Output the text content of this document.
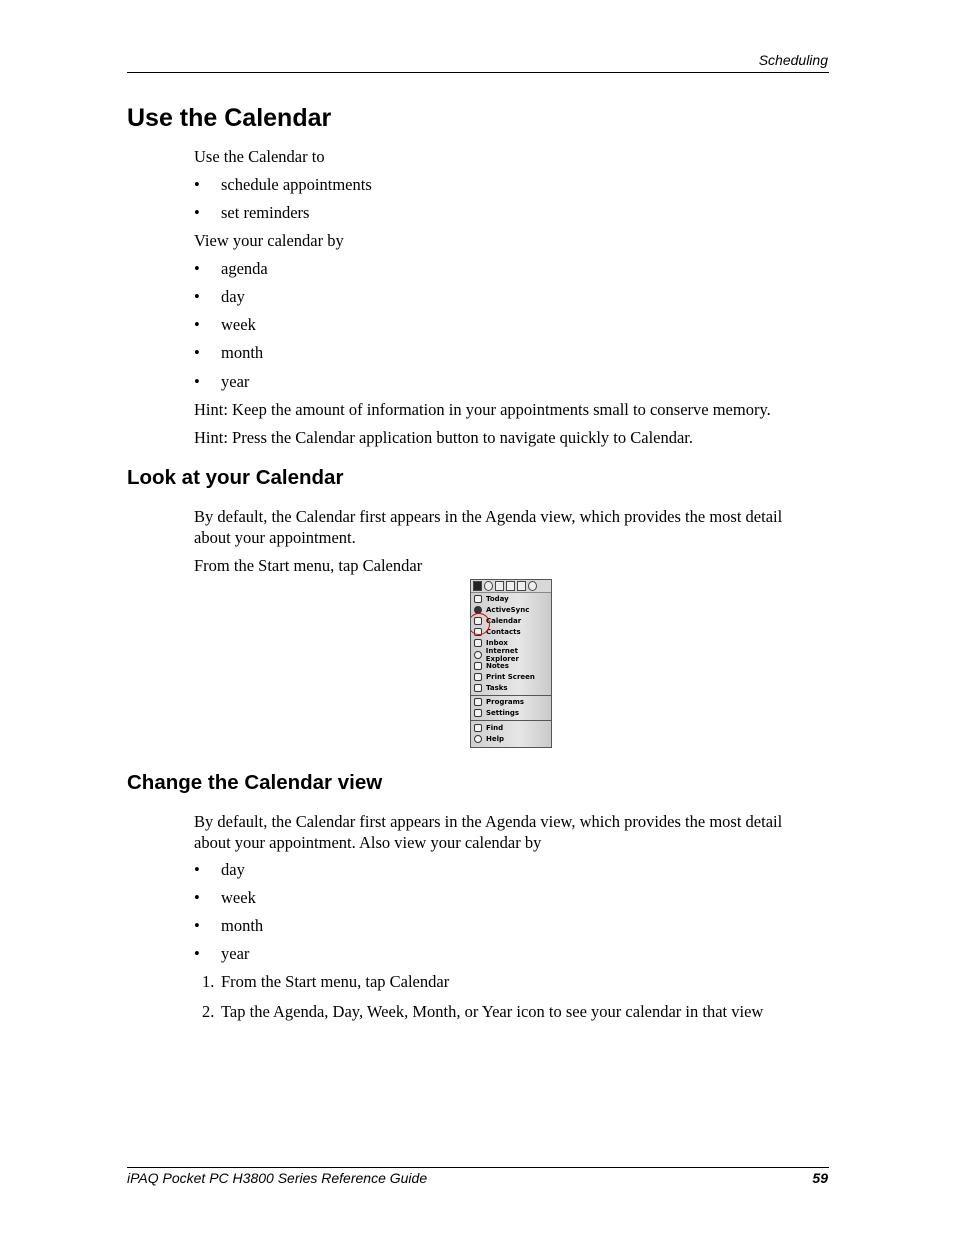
Scheduling
Use the Calendar
Use the Calendar to
• schedule appointments
• set reminders
View your calendar by
• agenda
• day
• week
• month
• year
Hint: Keep the amount of information in your appointments small to conserve memory.
Hint: Press the Calendar application button to navigate quickly to Calendar.
Look at your Calendar
By default, the Calendar first appears in the Agenda view, which provides the most detail about your appointment.
From the Start menu, tap Calendar
Today
ActiveSync
Calendar
Contacts
Inbox
Internet Explorer
Notes
Print Screen
Tasks
Programs
Settings
Find
Help
Change the Calendar view
By default, the Calendar first appears in the Agenda view, which provides the most detail about your appointment. Also view your calendar by
• day
• week
• month
• year
1. From the Start menu, tap Calendar
2. Tap the Agenda, Day, Week, Month, or Year icon to see your calendar in that view
iPAQ Pocket PC H3800 Series Reference Guide	59
